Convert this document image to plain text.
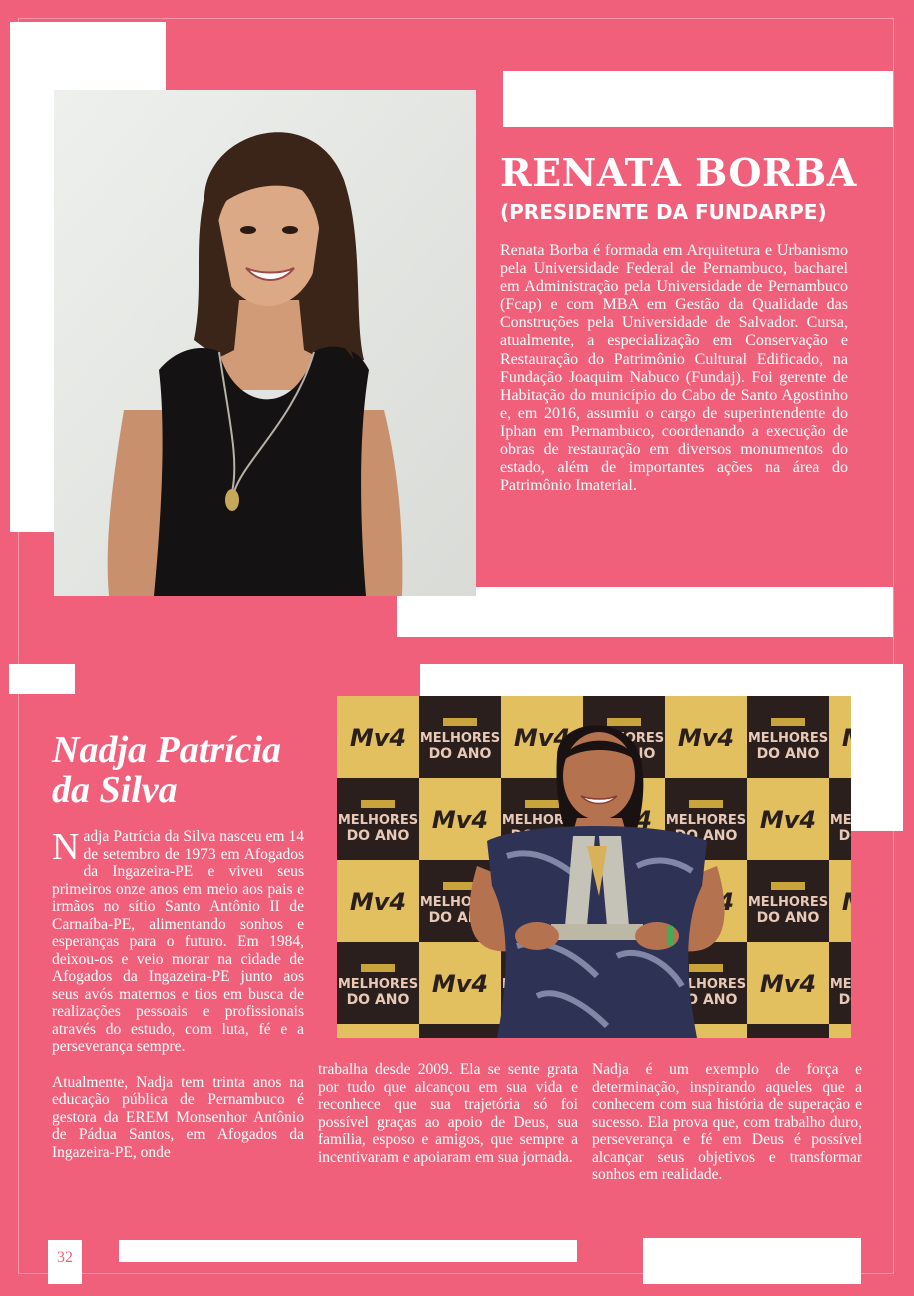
RENATA BORBA

(PRESIDENTE DA FUNDARPE)

Renata Borba é formada em Arquitetura e Urbanismo pela Universidade Federal de Pernambuco, bacharel em Administração pela Universidade de Pernambuco (Fcap) e com MBA em Gestão da Qualidade das Construções pela Universidade de Salvador. Cursa, atualmente, a especialização em Conservação e Restauração do Patrimônio Cultural Edificado, na Fundação Joaquim Nabuco (Fundaj). Foi gerente de Habitação do município do Cabo de Santo Agostinho e, em 2016, assumiu o cargo de superintendente do Iphan em Pernambuco, coordenando a execução de obras de restauração em diversos monumentos do estado, além de importantes ações na área do Patrimônio Imaterial.

Nadja Patrícia
da Silva

Nadja Patrícia da Silva nasceu em 14 de setembro de 1973 em Afogados da Ingazeira-PE e viveu seus primeiros onze anos em meio aos pais e irmãos no sítio Santo Antônio II de Carnaíba-PE, alimentando sonhos e esperanças para o futuro. Em 1984, deixou-os e veio morar na cidade de Afogados da Ingazeira-PE junto aos seus avós maternos e tios em busca de realizações pessoais e profissionais através do estudo, com luta, fé e a perseverança sempre.

Atualmente, Nadja tem trinta anos na educação pública de Pernambuco é gestora da EREM Monsenhor Antônio de Pádua Santos, em Afogados da Ingazeira-PE, onde

trabalha desde 2009. Ela se sente grata por tudo que alcançou em sua vida e reconhece que sua trajetória só foi possível graças ao apoio de Deus, sua família, esposo e amigos, que sempre a incentivaram e apoiaram em sua jornada.

Nadja é um exemplo de força e determinação, inspirando aqueles que a conhecem com sua história de superação e sucesso. Ela prova que, com trabalho duro, perseverança e fé em Deus é possível alcançar seus objetivos e transformar sonhos em realidade.

32
